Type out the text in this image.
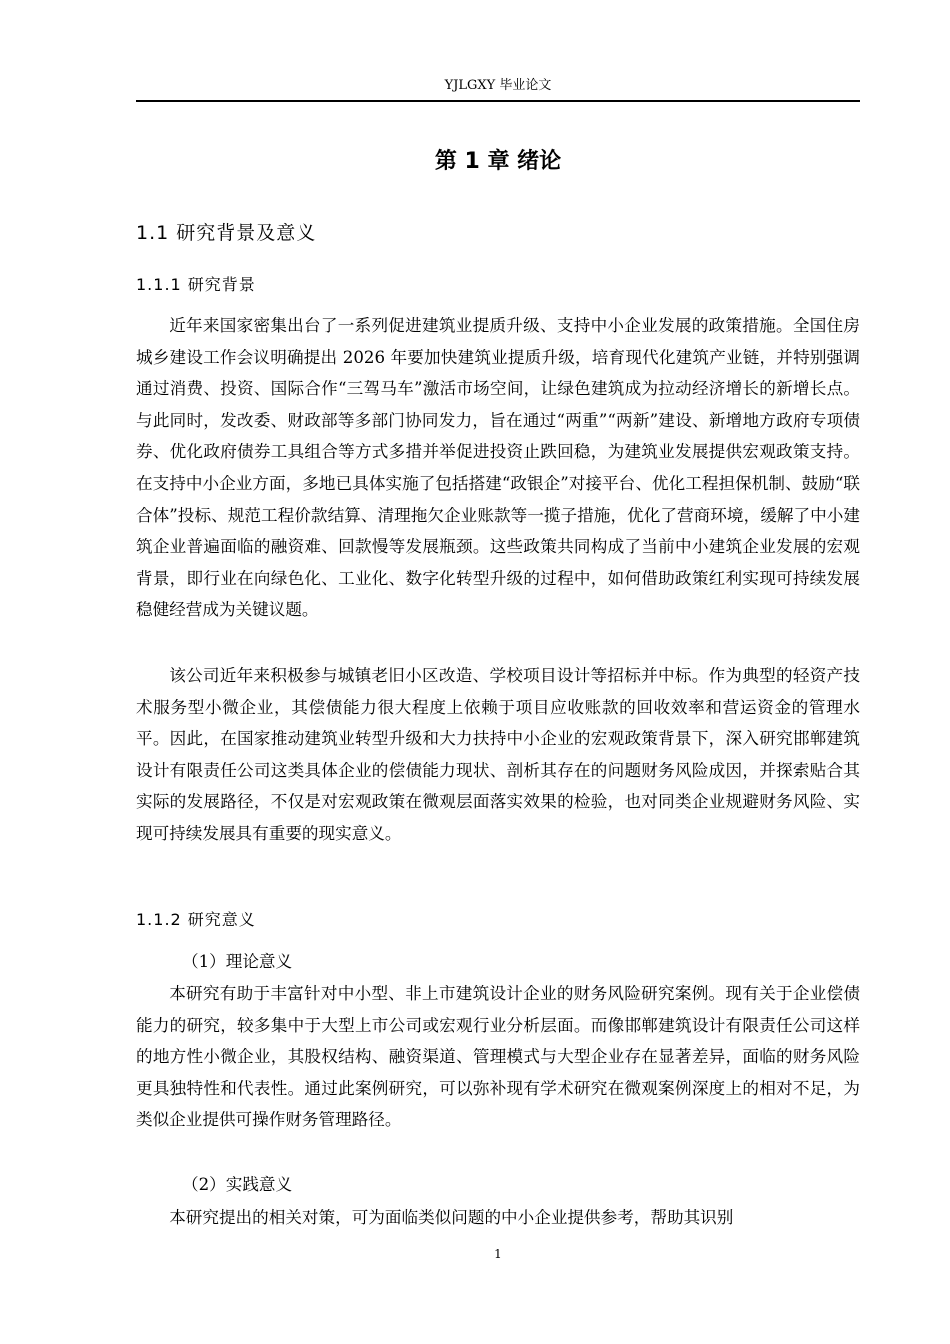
YJLGXY 毕业论文
第 1 章 绪论
1.1 研究背景及意义
1.1.1 研究背景

近年来国家密集出台了一系列促进建筑业提质升级、支持中小企业发展的政策措施。全国住房城乡建设工作会议明确提出 2026 年要加快建筑业提质升级，培育现代化建筑产业链，并特别强调通过消费、投资、国际合作“三驾马车”激活市场空间，让绿色建筑成为拉动经济增长的新增长点。与此同时，发改委、财政部等多部门协同发力，旨在通过“两重”“两新”建设、新增地方政府专项债券、优化政府债券工具组合等方式多措并举促进投资止跌回稳，为建筑业发展提供宏观政策支持。在支持中小企业方面，多地已具体实施了包括搭建“政银企”对接平台、优化工程担保机制、鼓励“联合体”投标、规范工程价款结算、清理拖欠企业账款等一揽子措施，优化了营商环境，缓解了中小建筑企业普遍面临的融资难、回款慢等发展瓶颈。这些政策共同构成了当前中小建筑企业发展的宏观背景，即行业在向绿色化、工业化、数字化转型升级的过程中，如何借助政策红利实现可持续发展稳健经营成为关键议题。

该公司近年来积极参与城镇老旧小区改造、学校项目设计等招标并中标。作为典型的轻资产技术服务型小微企业，其偿债能力很大程度上依赖于项目应收账款的回收效率和营运资金的管理水平。因此，在国家推动建筑业转型升级和大力扶持中小企业的宏观政策背景下，深入研究邯郸建筑设计有限责任公司这类具体企业的偿债能力现状、剖析其存在的问题财务风险成因，并探索贴合其实际的发展路径，不仅是对宏观政策在微观层面落实效果的检验，也对同类企业规避财务风险、实现可持续发展具有重要的现实意义。

1.1.2 研究意义
（1）理论意义

本研究有助于丰富针对中小型、非上市建筑设计企业的财务风险研究案例。现有关于企业偿债能力的研究，较多集中于大型上市公司或宏观行业分析层面。而像邯郸建筑设计有限责任公司这样的地方性小微企业，其股权结构、融资渠道、管理模式与大型企业存在显著差异，面临的财务风险更具独特性和代表性。通过此案例研究，可以弥补现有学术研究在微观案例深度上的相对不足，为类似企业提供可操作财务管理路径。

（2）实践意义

本研究提出的相关对策，可为面临类似问题的中小企业提供参考，帮助其识别

1
